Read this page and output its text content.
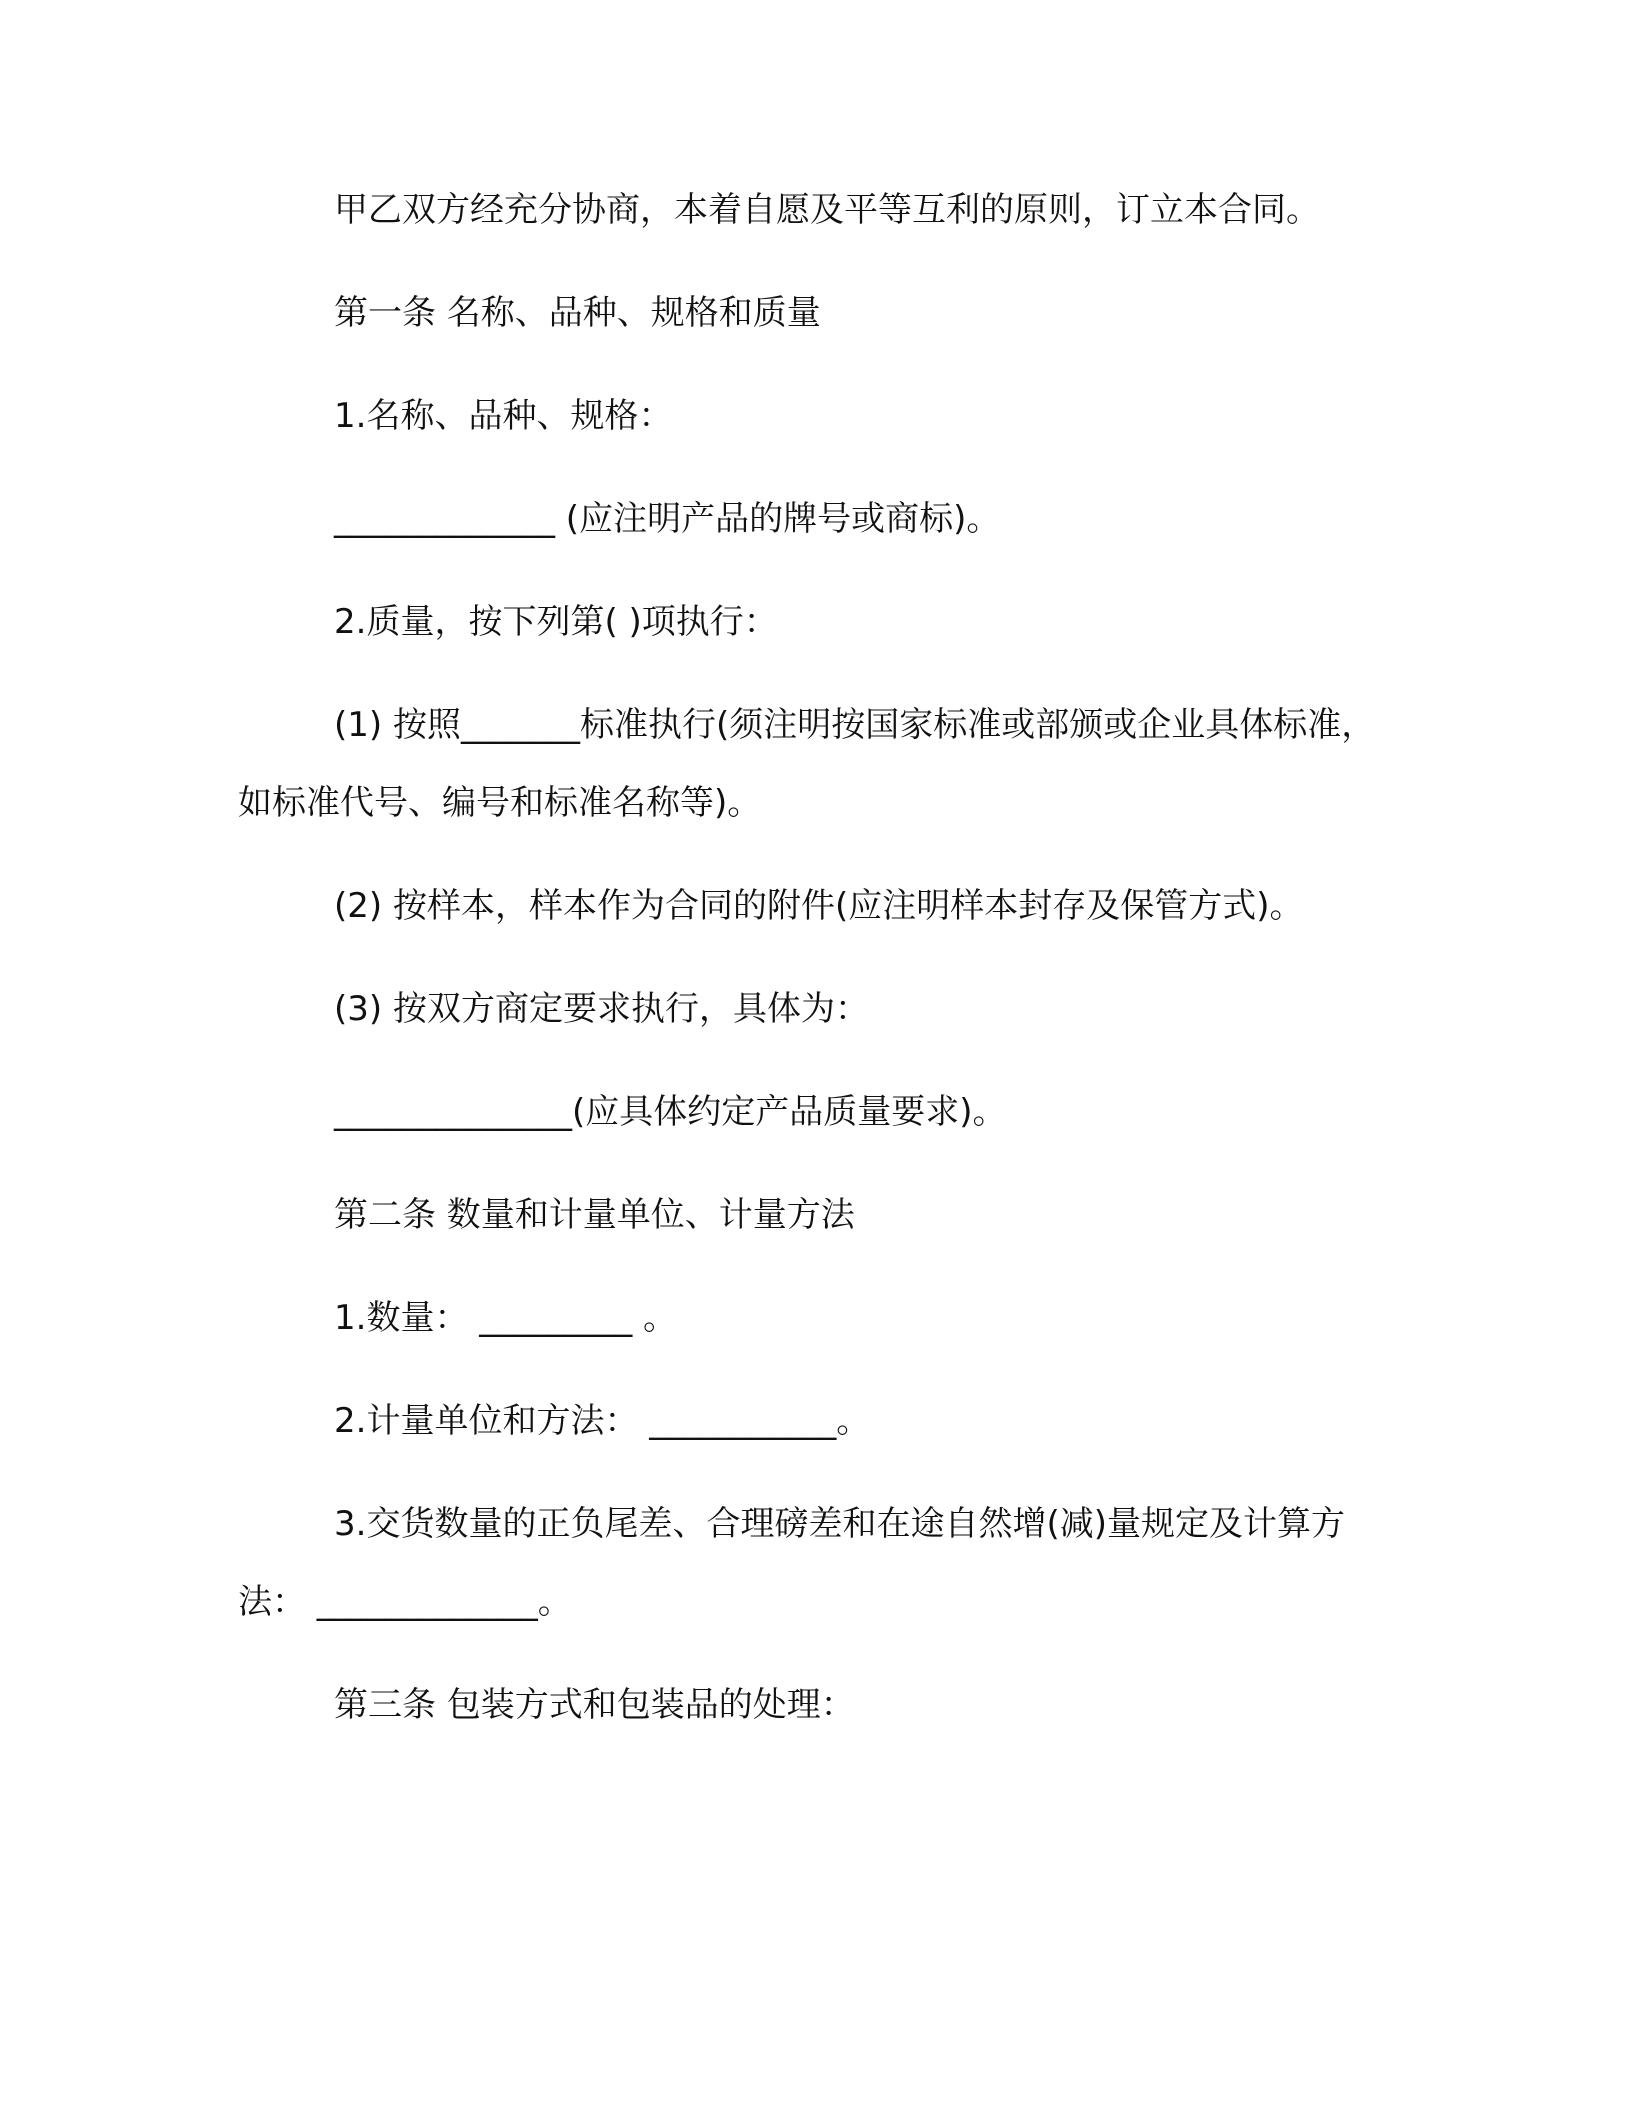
甲乙双方经充分协商，本着自愿及平等互利的原则，订立本合同。

第一条 名称、品种、规格和质量

1.名称、品种、规格：

_____________ (应注明产品的牌号或商标)。

2.质量，按下列第( )项执行：

(1) 按照_______标准执行(须注明按国家标准或部颁或企业具体标准，如标准代号、编号和标准名称等)。

(2) 按样本，样本作为合同的附件(应注明样本封存及保管方式)。

(3) 按双方商定要求执行，具体为：

______________(应具体约定产品质量要求)。

第二条 数量和计量单位、计量方法

1.数量： _________ 。

2.计量单位和方法： ___________。

3.交货数量的正负尾差、合理磅差和在途自然增(减)量规定及计算方法： _____________。

第三条 包装方式和包装品的处理：
